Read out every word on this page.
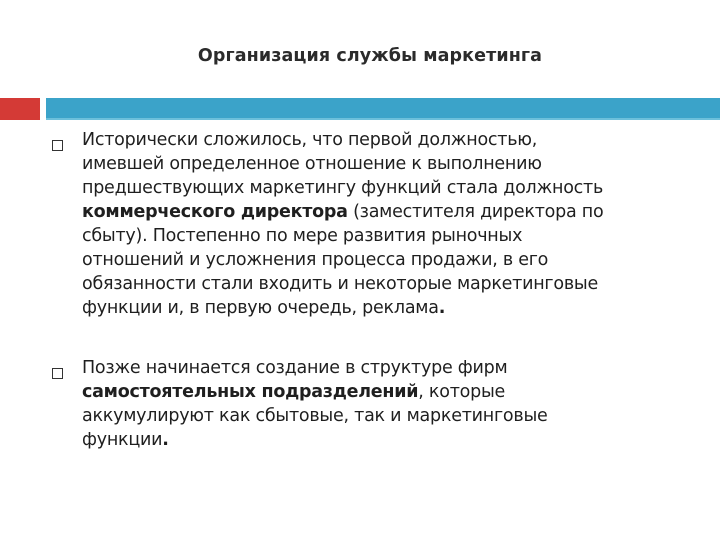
Организация службы маркетинга
Исторически сложилось, что первой должностью,
имевшей определенное отношение к выполнению
предшествующих маркетингу функций стала должность
коммерческого директора (заместителя директора по
сбыту). Постепенно по мере развития рыночных
отношений и усложнения процесса продажи, в его
обязанности стали входить и некоторые маркетинговые
функции и, в первую очередь, реклама.
Позже начинается создание в структуре фирм
самостоятельных подразделений, которые
аккумулируют как сбытовые, так и маркетинговые
функции.
